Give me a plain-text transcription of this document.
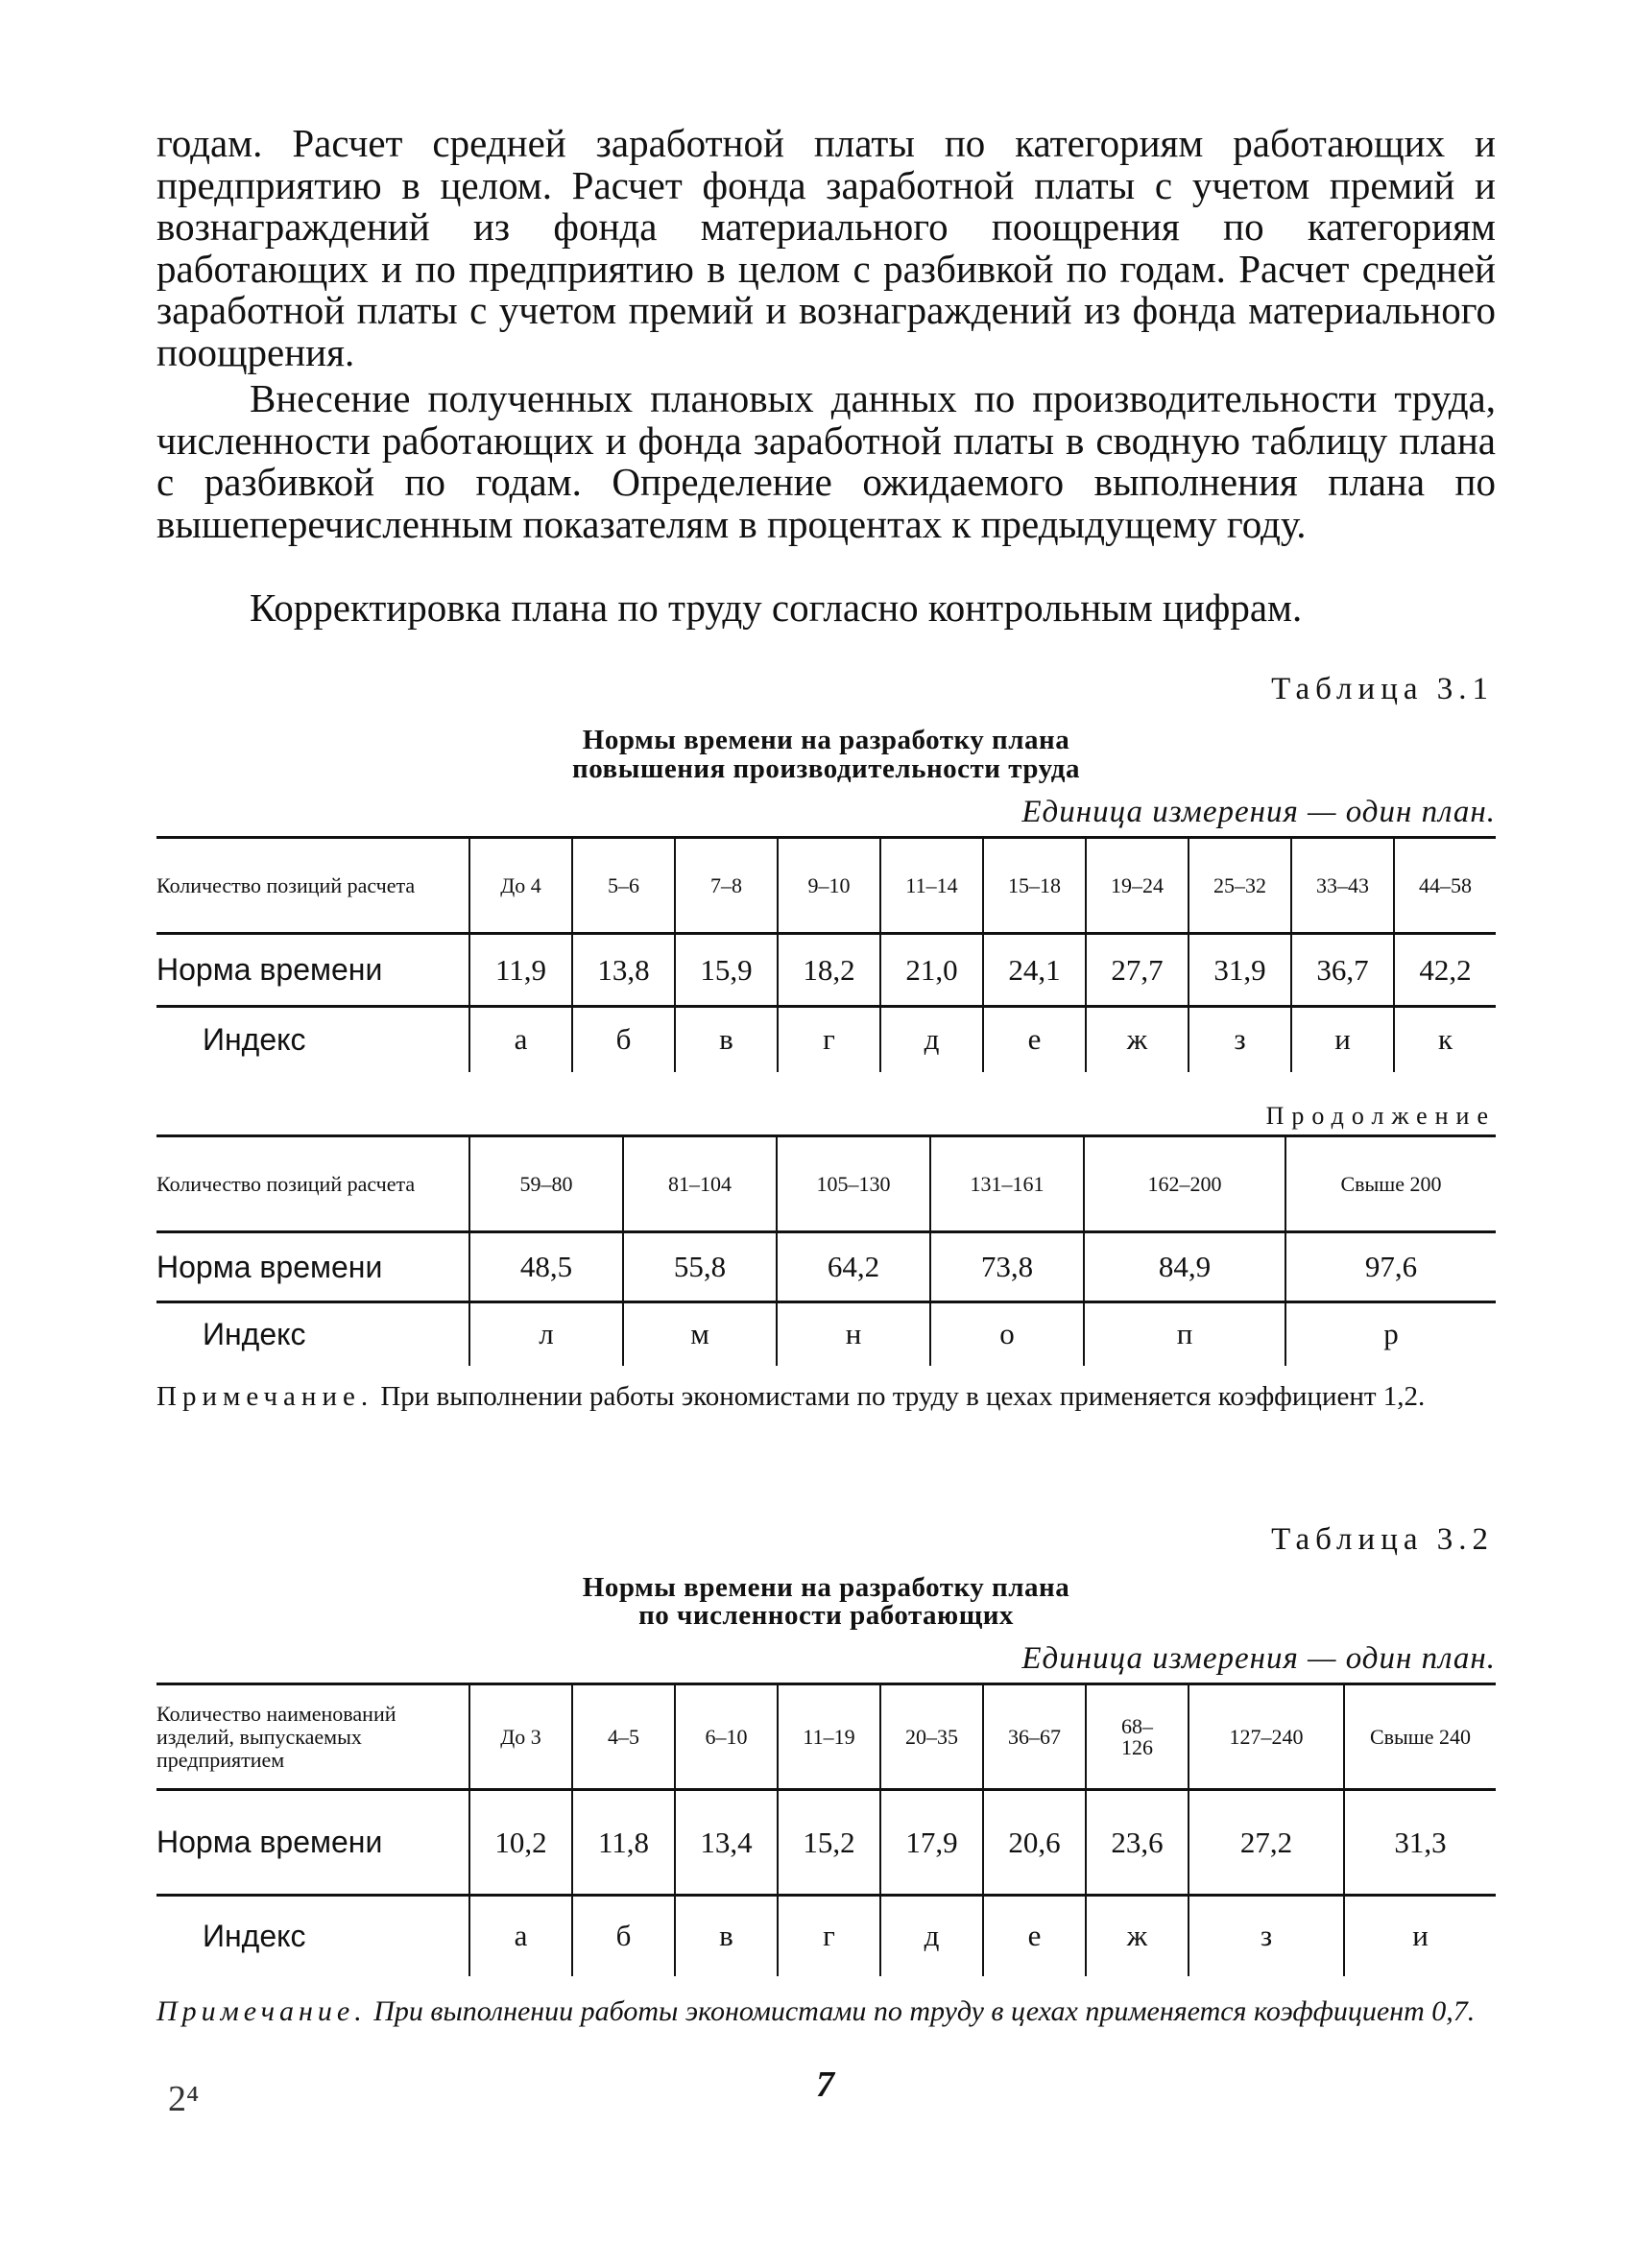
годам. Расчет средней заработной платы по категориям работающих и предприятию в целом. Расчет фонда заработной платы с учетом премий и вознаграждений из фонда материального поощрения по категориям работающих и по предприятию в целом с разбивкой по годам. Расчет средней заработной платы с учетом премий и вознаграждений из фонда материального поощрения.

Внесение полученных плановых данных по производительности труда, численности работающих и фонда заработной платы в сводную таблицу плана с разбивкой по годам. Определение ожидаемого выполнения плана по вышеперечисленным показателям в процентах к предыдущему году.

Корректировка плана по труду согласно контрольным цифрам.

Таблица 3.1
Нормы времени на разработку плана
повышения производительности труда
Единица измерения — один план.
Количество позиций расчета	До 4	5–6	7–8	9–10	11–14	15–18	19–24	25–32	33–43	44–58
Норма времени	11,9	13,8	15,9	18,2	21,0	24,1	27,7	31,9	36,7	42,2
Индекс	а	б	в	г	д	е	ж	з	и	к
Продолжение
Количество позиций расчета	59–80	81–104	105–130	131–161	162–200	Свыше 200
Норма времени	48,5	55,8	64,2	73,8	84,9	97,6
Индекс	л	м	н	о	п	р

Примечание. При выполнении работы экономистами по труду в цехах применяется коэффициент 1,2.

Таблица 3.2
Нормы времени на разработку плана
по численности работающих
Единица измерения — один план.
Количество наименований изделий, выпускаемых предприятием	До 3	4–5	6–10	11–19	20–35	36–67	68–126	127–240	Свыше 240
Норма времени	10,2	11,8	13,4	15,2	17,9	20,6	23,6	27,2	31,3
Индекс	а	б	в	г	д	е	ж	з	и

Примечание. При выполнении работы экономистами по труду в цехах применяется коэффициент 0,7.

2⁴	7
